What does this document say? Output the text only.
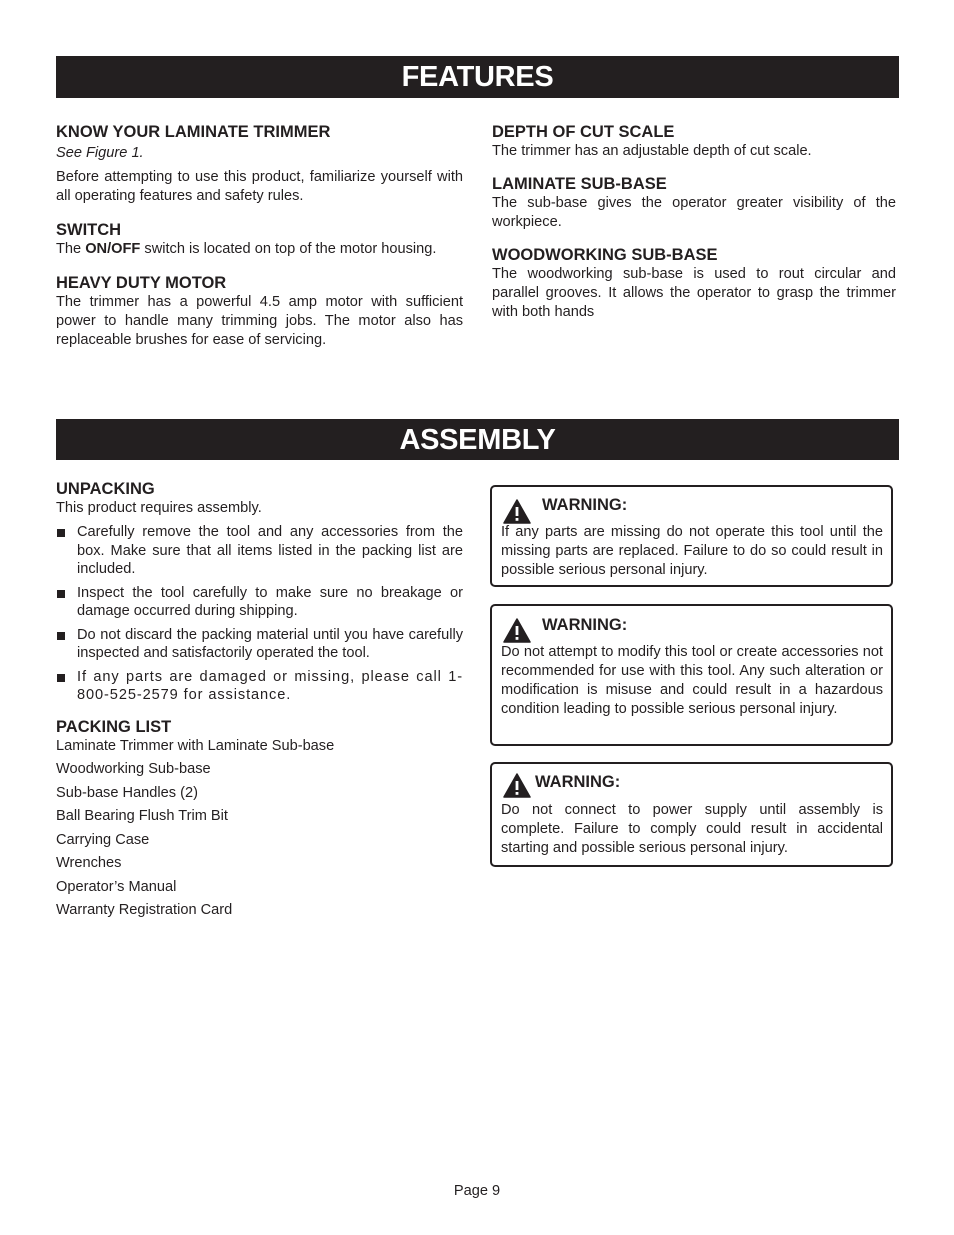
FEATURES

KNOW YOUR LAMINATE TRIMMER

See Figure 1.

Before attempting to use this product, familiarize yourself with all operating features and safety rules.

SWITCH

The ON/OFF switch is located on top of the motor housing.

HEAVY DUTY MOTOR

The trimmer has a powerful 4.5 amp motor with sufficient power to handle many trimming jobs. The motor also has replaceable brushes for ease of servicing.

DEPTH OF CUT SCALE

The trimmer has an adjustable depth of cut scale.

LAMINATE SUB-BASE

The sub-base gives the operator greater visibility of the workpiece.

WOODWORKING SUB-BASE

The woodworking sub-base is used to rout circular and parallel grooves. It allows the operator to grasp the trimmer with both hands

ASSEMBLY

UNPACKING

This product requires assembly.

Carefully remove the tool and any accessories from the box. Make sure that all items listed in the packing list are included.
Inspect the tool carefully to make sure no breakage or damage occurred during shipping.
Do not discard the packing material until you have carefully inspected and satisfactorily operated the tool.
If any parts are damaged or missing, please call 1-800-525-2579 for assistance.

PACKING LIST

Laminate Trimmer with Laminate Sub-base

Woodworking Sub-base

Sub-base Handles (2)

Ball Bearing Flush Trim Bit

Carrying Case

Wrenches

Operator’s Manual

Warranty Registration Card

WARNING:
If any parts are missing do not operate this tool until the missing parts are replaced. Failure to do so could result in possible serious personal injury.
WARNING:
Do not attempt to modify this tool or create accessories not recommended for use with this tool. Any such alteration or modification is misuse and could result in a hazardous condition leading to possible serious personal injury.
WARNING:
Do not connect to power supply until assembly is complete. Failure to comply could result in accidental starting and possible serious personal injury.
Page 9
